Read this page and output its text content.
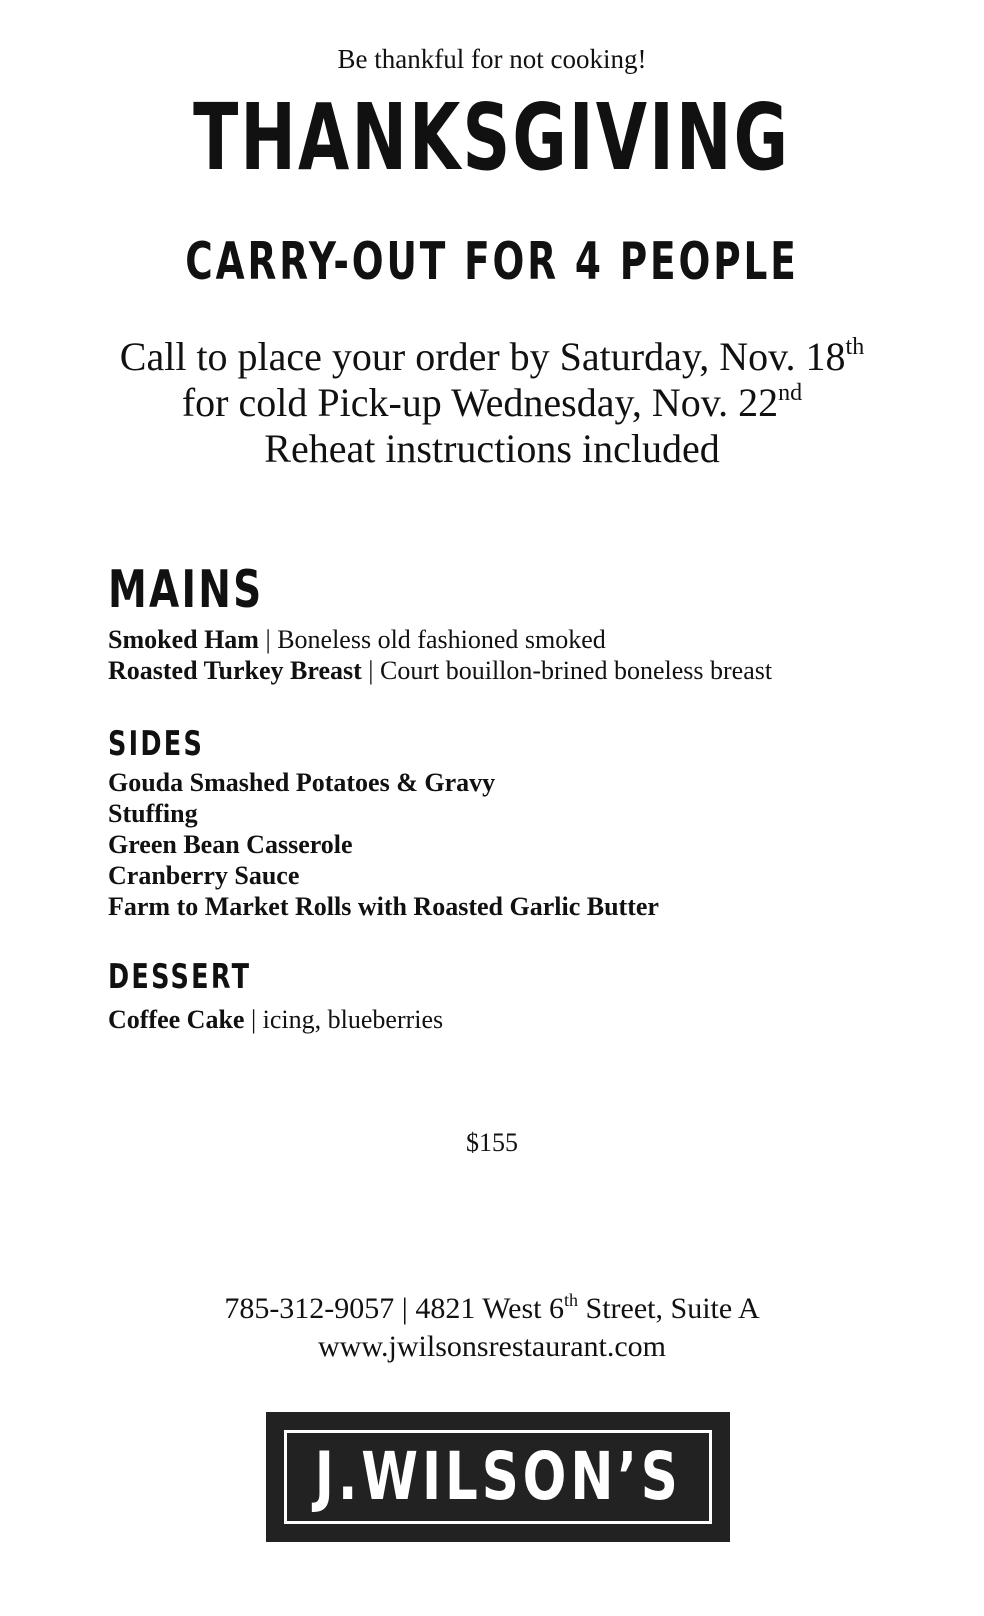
Be thankful for not cooking!
THANKSGIVING
CARRY-OUT FOR 4 PEOPLE
Call to place your order by Saturday, Nov. 18th
for cold Pick-up Wednesday, Nov. 22nd
Reheat instructions included
MAINS
Smoked Ham | Boneless old fashioned smoked
Roasted Turkey Breast | Court bouillon-brined boneless breast
SIDES
Gouda Smashed Potatoes & Gravy
Stuffing
Green Bean Casserole
Cranberry Sauce
Farm to Market Rolls with Roasted Garlic Butter
DESSERT
Coffee Cake | icing, blueberries
$155
785-312-9057 | 4821 West 6th Street, Suite A
www.jwilsonsrestaurant.com
J.WILSON’S
